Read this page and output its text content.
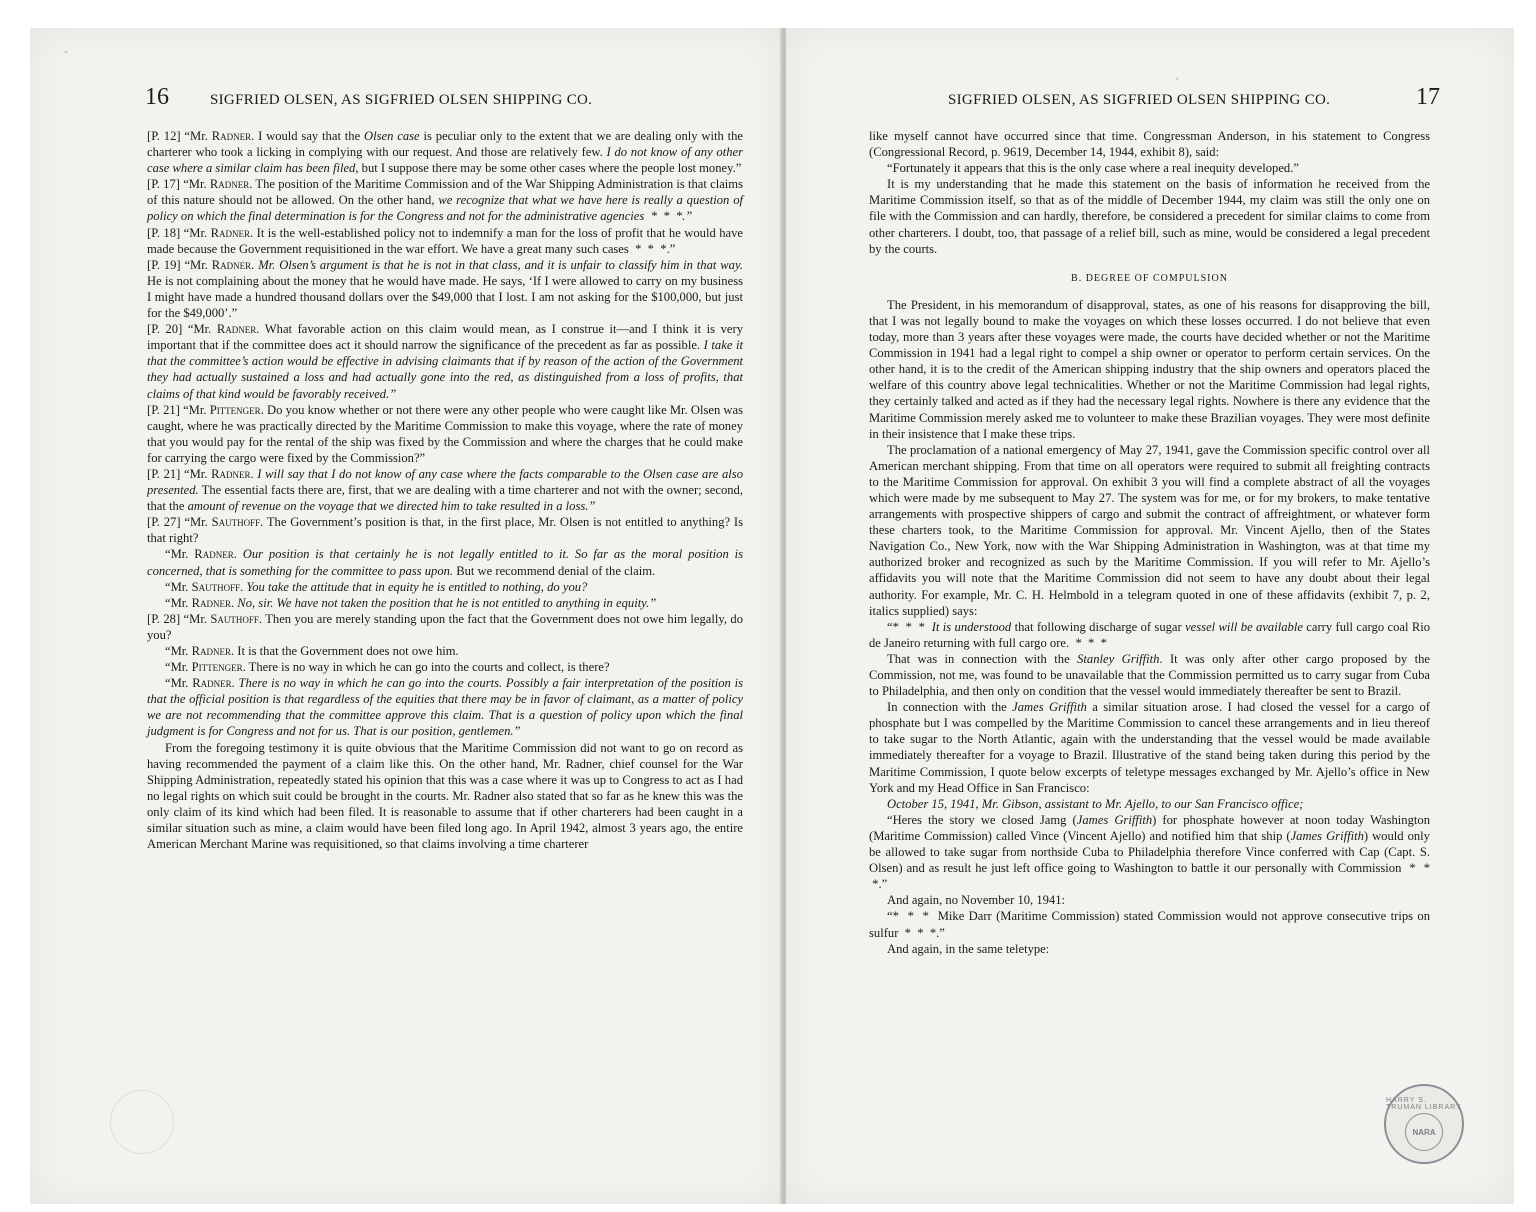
16	SIGFRIED OLSEN, AS SIGFRIED OLSEN SHIPPING CO.
-

[P. 12] “Mr. Radner. I would say that the Olsen case is peculiar only to the extent that we are dealing only with the charterer who took a licking in complying with our request. And those are relatively few. I do not know of any other case where a similar claim has been filed, but I suppose there may be some other cases where the people lost money.”

[P. 17] “Mr. Radner. The position of the Maritime Commission and of the War Shipping Administration is that claims of this nature should not be allowed. On the other hand, we recognize that what we have here is really a question of policy on which the final determination is for the Congress and not for the administrative agencies  *  *  *.”

[P. 18] “Mr. Radner. It is the well-established policy not to indemnify a man for the loss of profit that he would have made because the Government requisitioned in the war effort. We have a great many such cases  *  *  *.”

[P. 19] “Mr. Radner. Mr. Olsen’s argument is that he is not in that class, and it is unfair to classify him in that way. He is not complaining about the money that he would have made. He says, ‘If I were allowed to carry on my business I might have made a hundred thousand dollars over the $49,000 that I lost. I am not asking for the $100,000, but just for the $49,000’.”

[P. 20] “Mr. Radner. What favorable action on this claim would mean, as I construe it—and I think it is very important that if the committee does act it should narrow the significance of the precedent as far as possible. I take it that the committee’s action would be effective in advising claimants that if by reason of the action of the Government they had actually sustained a loss and had actually gone into the red, as distinguished from a loss of profits, that claims of that kind would be favorably received.”

[P. 21] “Mr. Pittenger. Do you know whether or not there were any other people who were caught like Mr. Olsen was caught, where he was practically directed by the Maritime Commission to make this voyage, where the rate of money that you would pay for the rental of the ship was fixed by the Commission and where the charges that he could make for carrying the cargo were fixed by the Commission?”

[P. 21] “Mr. Radner. I will say that I do not know of any case where the facts comparable to the Olsen case are also presented. The essential facts there are, first, that we are dealing with a time charterer and not with the owner; second, that the amount of revenue on the voyage that we directed him to take resulted in a loss.”

[P. 27] “Mr. Sauthoff. The Government’s position is that, in the first place, Mr. Olsen is not entitled to anything? Is that right?

“Mr. Radner. Our position is that certainly he is not legally entitled to it. So far as the moral position is concerned, that is something for the committee to pass upon. But we recommend denial of the claim.

“Mr. Sauthoff. You take the attitude that in equity he is entitled to nothing, do you?

“Mr. Radner. No, sir. We have not taken the position that he is not entitled to anything in equity.”

[P. 28] “Mr. Sauthoff. Then you are merely standing upon the fact that the Government does not owe him legally, do you?

“Mr. Radner. It is that the Government does not owe him.

“Mr. Pittenger. There is no way in which he can go into the courts and collect, is there?

“Mr. Radner. There is no way in which he can go into the courts. Possibly a fair interpretation of the position is that the official position is that regardless of the equities that there may be in favor of claimant, as a matter of policy we are not recommending that the committee approve this claim. That is a question of policy upon which the final judgment is for Congress and not for us. That is our position, gentlemen.”

From the foregoing testimony it is quite obvious that the Maritime Commission did not want to go on record as having recommended the payment of a claim like this. On the other hand, Mr. Radner, chief counsel for the War Shipping Administration, repeatedly stated his opinion that this was a case where it was up to Congress to act as I had no legal rights on which suit could be brought in the courts. Mr. Radner also stated that so far as he knew this was the only claim of its kind which had been filed. It is reasonable to assume that if other charterers had been caught in a similar situation such as mine, a claim would have been filed long ago. In April 1942, almost 3 years ago, the entire American Merchant Marine was requisitioned, so that claims involving a time charterer

SIGFRIED OLSEN, AS SIGFRIED OLSEN SHIPPING CO.	17
'

like myself cannot have occurred since that time. Congressman Anderson, in his statement to Congress (Congressional Record, p. 9619, December 14, 1944, exhibit 8), said:

“Fortunately it appears that this is the only case where a real inequity developed.”

It is my understanding that he made this statement on the basis of information he received from the Maritime Commission itself, so that as of the middle of December 1944, my claim was still the only one on file with the Commission and can hardly, therefore, be considered a precedent for similar claims to come from other charterers. I doubt, too, that passage of a relief bill, such as mine, would be considered a legal precedent by the courts.

B. DEGREE OF COMPULSION

The President, in his memorandum of disapproval, states, as one of his reasons for disapproving the bill, that I was not legally bound to make the voyages on which these losses occurred. I do not believe that even today, more than 3 years after these voyages were made, the courts have decided whether or not the Maritime Commission in 1941 had a legal right to compel a ship owner or operator to perform certain services. On the other hand, it is to the credit of the American shipping industry that the ship owners and operators placed the welfare of this country above legal technicalities. Whether or not the Maritime Commission had legal rights, they certainly talked and acted as if they had the necessary legal rights. Nowhere is there any evidence that the Maritime Commission merely asked me to volunteer to make these Brazilian voyages. They were most definite in their insistence that I make these trips.

The proclamation of a national emergency of May 27, 1941, gave the Commission specific control over all American merchant shipping. From that time on all operators were required to submit all freighting contracts to the Maritime Commission for approval. On exhibit 3 you will find a complete abstract of all the voyages which were made by me subsequent to May 27. The system was for me, or for my brokers, to make tentative arrangements with prospective shippers of cargo and submit the contract of affreightment, or whatever form these charters took, to the Maritime Commission for approval. Mr. Vincent Ajello, then of the States Navigation Co., New York, now with the War Shipping Administration in Washington, was at that time my authorized broker and recognized as such by the Maritime Commission. If you will refer to Mr. Ajello’s affidavits you will note that the Maritime Commission did not seem to have any doubt about their legal authority. For example, Mr. C. H. Helmbold in a telegram quoted in one of these affidavits (exhibit 7, p. 2, italics supplied) says:

“*  *  *  It is understood that following discharge of sugar vessel will be available carry full cargo coal Rio de Janeiro returning with full cargo ore.  *  *  *

That was in connection with the Stanley Griffith. It was only after other cargo proposed by the Commission, not me, was found to be unavailable that the Commission permitted us to carry sugar from Cuba to Philadelphia, and then only on condition that the vessel would immediately thereafter be sent to Brazil.

In connection with the James Griffith a similar situation arose. I had closed the vessel for a cargo of phosphate but I was compelled by the Maritime Commission to cancel these arrangements and in lieu thereof to take sugar to the North Atlantic, again with the understanding that the vessel would be made available immediately thereafter for a voyage to Brazil. Illustrative of the stand being taken during this period by the Maritime Commission, I quote below excerpts of teletype messages exchanged by Mr. Ajello’s office in New York and my Head Office in San Francisco:

October 15, 1941, Mr. Gibson, assistant to Mr. Ajello, to our San Francisco office;

“Heres the story we closed Jamg (James Griffith) for phosphate however at noon today Washington (Maritime Commission) called Vince (Vincent Ajello) and notified him that ship (James Griffith) would only be allowed to take sugar from northside Cuba to Philadelphia therefore Vince conferred with Cap (Capt. S. Olsen) and as result he just left office going to Washington to battle it our personally with Commission  *  *  *.”

And again, no November 10, 1941:

“*  *  *  Mike Darr (Maritime Commission) stated Commission would not approve consecutive trips on sulfur  *  *  *.”

And again, in the same teletype:

HARRY S. TRUMAN LIBRARY
NARA
